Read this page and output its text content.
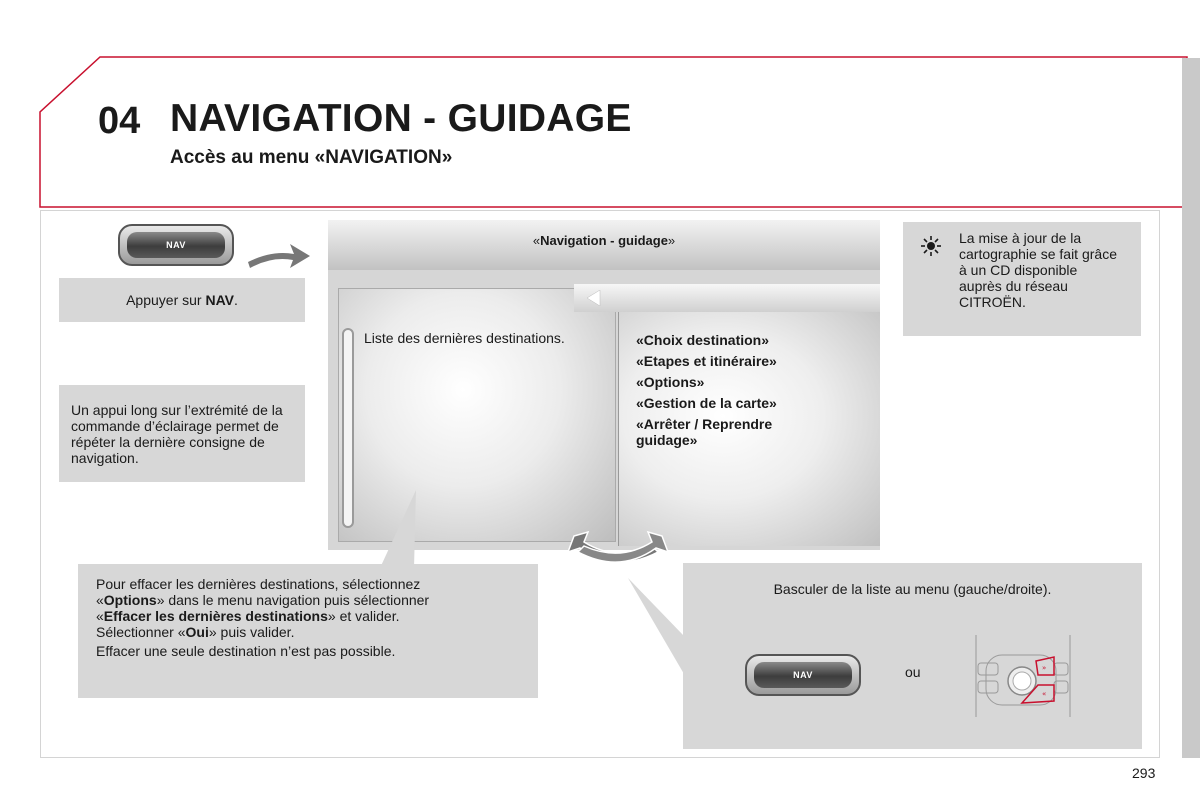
04 NAVIGATION - GUIDAGE
Accès au menu «NAVIGATION»
NAV
Appuyer sur NAV.
Un appui long sur l’extrémité de la commande d’éclairage permet de répéter la dernière consigne de navigation.
La mise à jour de la cartographie se fait grâce à un CD disponible auprès du réseau CITROËN.
«Navigation - guidage»
Liste des dernières destinations.	«Choix destination»
«Etapes et itinéraire»
«Options»
«Gestion de la carte»
«Arrêter / Reprendre guidage»
Pour effacer les dernières destinations, sélectionnez
«Options» dans le menu navigation puis sélectionner
«Effacer les dernières destinations» et valider.
Sélectionner «Oui» puis valider.
Effacer une seule destination n’est pas possible.
Basculer de la liste au menu (gauche/droite).
ou
NAV
»
«
293
